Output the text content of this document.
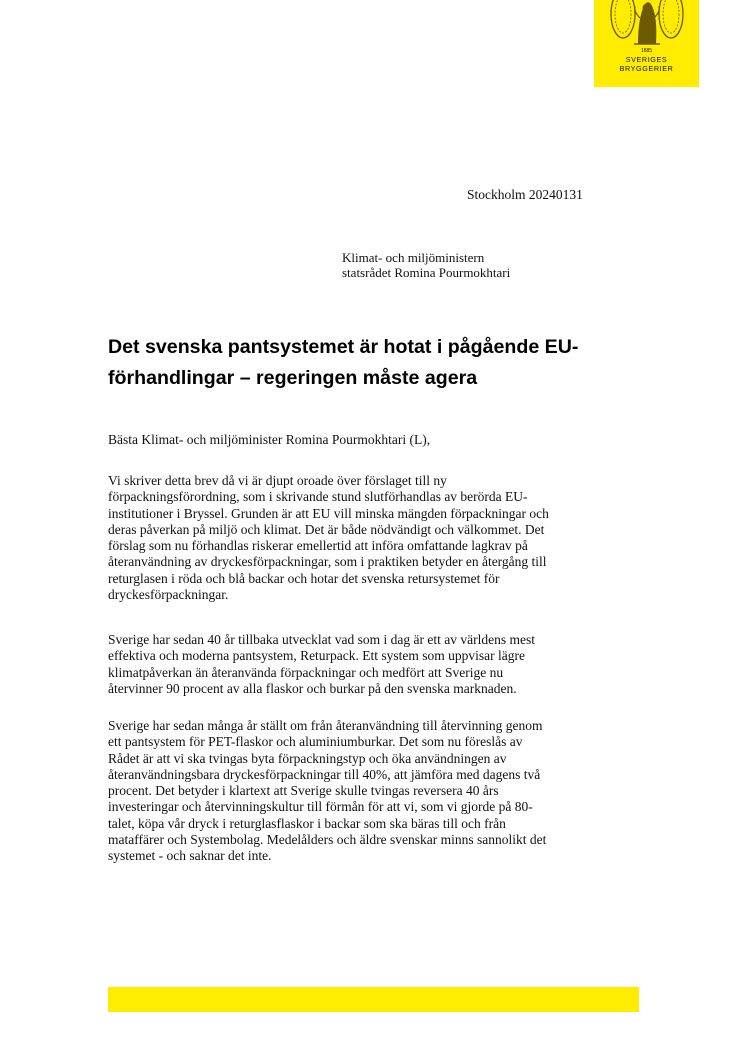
1885
SVERIGES
BRYGGERIER
Stockholm 20240131
Klimat- och miljöministern
statsrådet Romina Pourmokhtari
Det svenska pantsystemet är hotat i pågående EU-
förhandlingar – regeringen måste agera
Bästa Klimat- och miljöminister Romina Pourmokhtari (L),
Vi skriver detta brev då vi är djupt oroade över förslaget till ny
förpackningsförordning, som i skrivande stund slutförhandlas av berörda EU-
institutioner i Bryssel. Grunden är att EU vill minska mängden förpackningar och
deras påverkan på miljö och klimat. Det är både nödvändigt och välkommet. Det
förslag som nu förhandlas riskerar emellertid att införa omfattande lagkrav på
återanvändning av dryckesförpackningar, som i praktiken betyder en återgång till
returglasen i röda och blå backar och hotar det svenska retursystemet för
dryckesförpackningar.
Sverige har sedan 40 år tillbaka utvecklat vad som i dag är ett av världens mest
effektiva och moderna pantsystem, Returpack. Ett system som uppvisar lägre
klimatpåverkan än återanvända förpackningar och medfört att Sverige nu
återvinner 90 procent av alla flaskor och burkar på den svenska marknaden.
Sverige har sedan många år ställt om från återanvändning till återvinning genom
ett pantsystem för PET-flaskor och aluminiumburkar. Det som nu föreslås av
Rådet är att vi ska tvingas byta förpackningstyp och öka användningen av
återanvändningsbara dryckesförpackningar till 40%, att jämföra med dagens två
procent. Det betyder i klartext att Sverige skulle tvingas reversera 40 års
investeringar och återvinningskultur till förmån för att vi, som vi gjorde på 80-
talet, köpa vår dryck i returglasflaskor i backar som ska bäras till och från
mataffärer och Systembolag. Medelålders och äldre svenskar minns sannolikt det
systemet - och saknar det inte.
